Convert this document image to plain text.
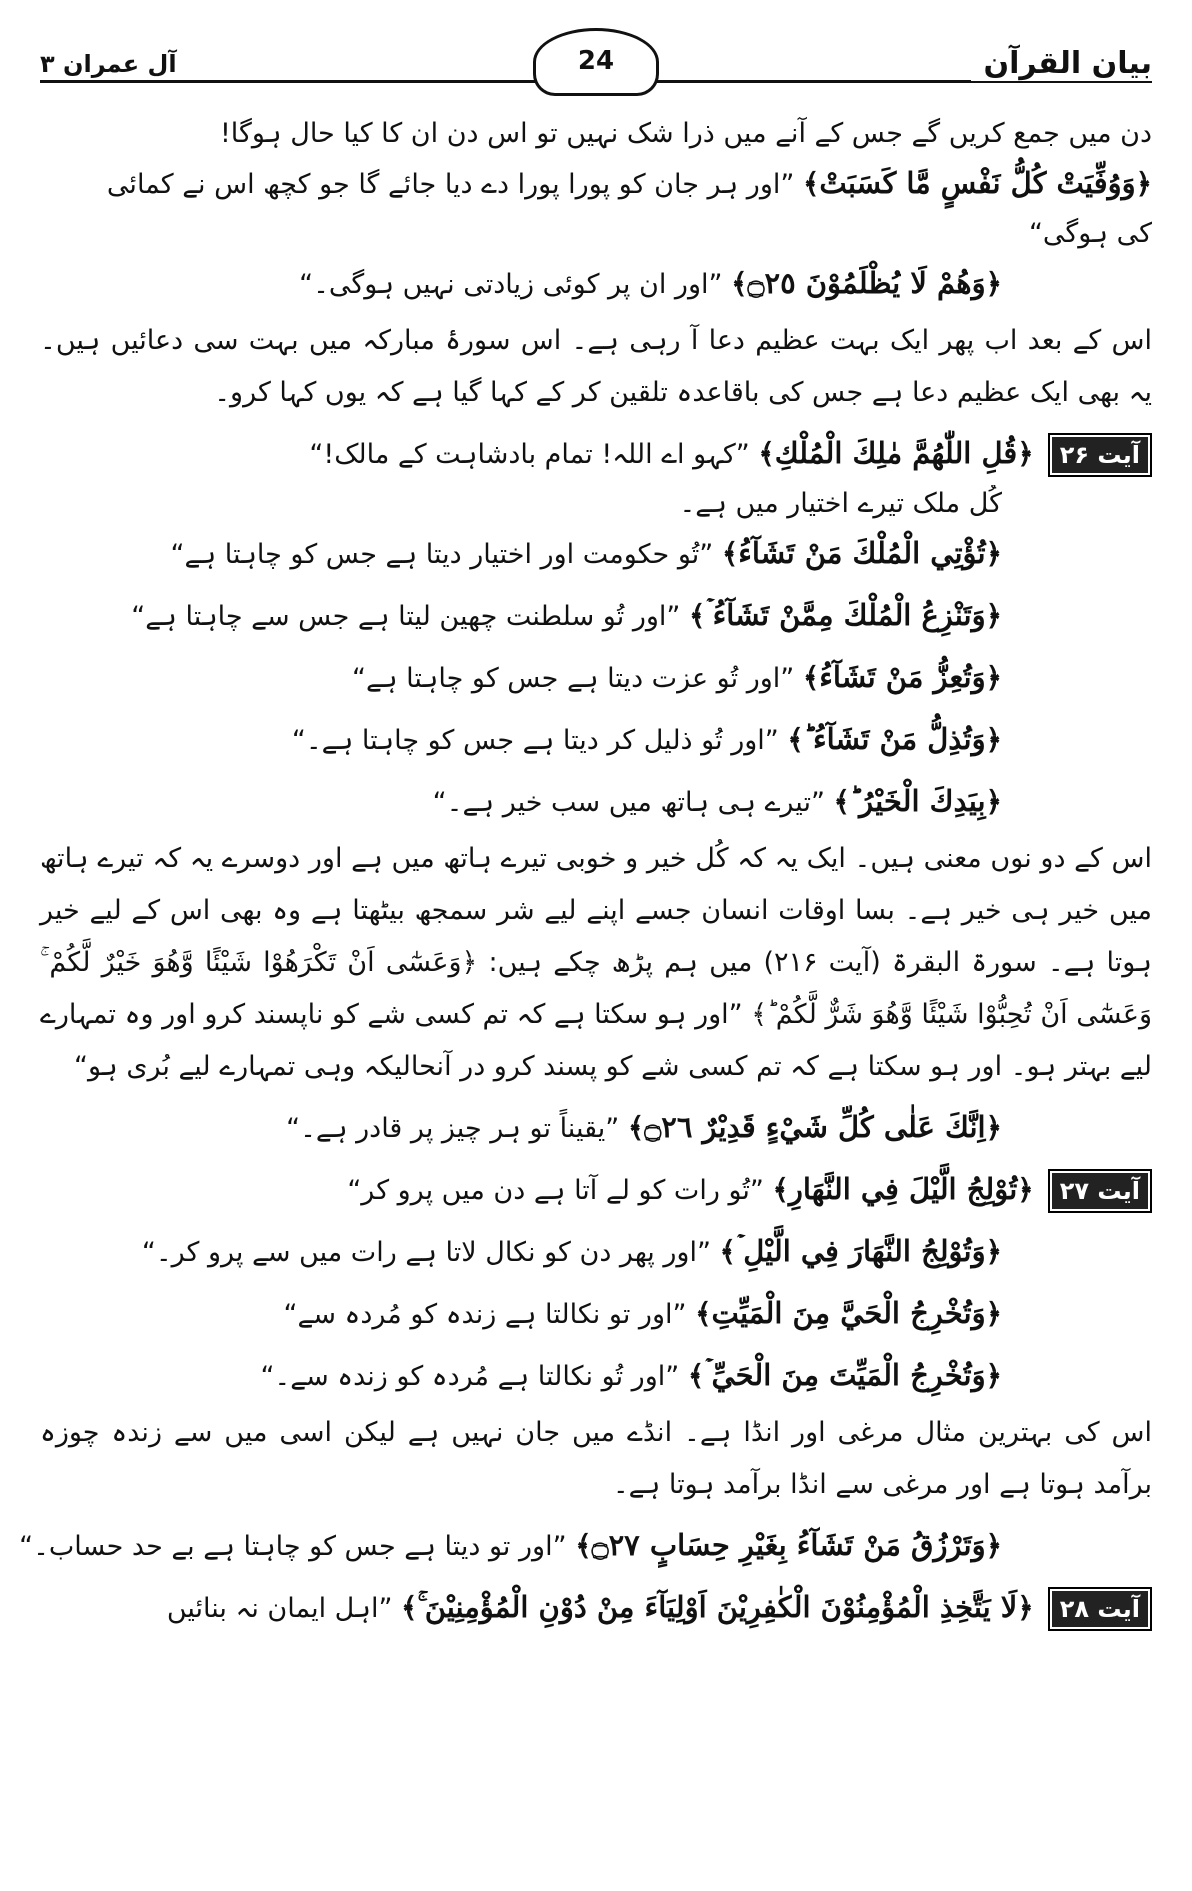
بیان القرآن
24
آل عمران ۳

دن میں جمع کریں گے جس کے آنے میں ذرا شک نہیں تو اس دن ان کا کیا حال ہوگا!

﴿وَوُفِّيَتْ كُلُّ نَفْسٍ مَّا كَسَبَتْ﴾ ”اور ہر جان کو پورا پورا دے دیا جائے گا جو کچھ اس نے کمائی

کی ہوگی“

﴿وَهُمْ لَا يُظْلَمُوْنَ ۝٢٥﴾ ”اور ان پر کوئی زیادتی نہیں ہوگی۔“

اس کے بعد اب پھر ایک بہت عظیم دعا آ رہی ہے۔ اس سورۂ مبارکہ میں بہت سی دعائیں ہیں۔ یہ بھی ایک عظیم دعا ہے جس کی باقاعدہ تلقین کر کے کہا گیا ہے کہ یوں کہا کرو۔

آیت ۲۶﴿قُلِ اللّٰهُمَّ مٰلِكَ الْمُلْكِ﴾ ”کہو اے اللہ! تمام بادشاہت کے مالک!“

کُل ملک تیرے اختیار میں ہے۔

﴿تُؤْتِي الْمُلْكَ مَنْ تَشَآءُ﴾ ”تُو حکومت اور اختیار دیتا ہے جس کو چاہتا ہے“

﴿وَتَنْزِعُ الْمُلْكَ مِمَّنْ تَشَآءُ ۡ﴾ ”اور تُو سلطنت چھین لیتا ہے جس سے چاہتا ہے“

﴿وَتُعِزُّ مَنْ تَشَآءُ﴾ ”اور تُو عزت دیتا ہے جس کو چاہتا ہے“

﴿وَتُذِلُّ مَنْ تَشَآءُ ؕ﴾ ”اور تُو ذلیل کر دیتا ہے جس کو چاہتا ہے۔“

﴿بِيَدِكَ الْخَيْرُ ؕ﴾ ”تیرے ہی ہاتھ میں سب خیر ہے۔“

اس کے دو نوں معنی ہیں۔ ایک یہ کہ کُل خیر و خوبی تیرے ہاتھ میں ہے اور دوسرے یہ کہ تیرے ہاتھ میں خیر ہی خیر ہے۔ بسا اوقات انسان جسے اپنے لیے شر سمجھ بیٹھتا ہے وہ بھی اس کے لیے خیر ہوتا ہے۔ سورۃ البقرۃ (آیت ۲۱۶) میں ہم پڑھ چکے ہیں: ﴿وَعَسٰٓى اَنْ تَكْرَهُوْا شَيْئًا وَّهُوَ خَيْرٌ لَّكُمْ ۚ وَعَسٰٓى اَنْ تُحِبُّوْا شَيْئًا وَّهُوَ شَرٌّ لَّكُمْ ؕ﴾ ”اور ہو سکتا ہے کہ تم کسی شے کو ناپسند کرو اور وہ تمہارے لیے بہتر ہو۔ اور ہو سکتا ہے کہ تم کسی شے کو پسند کرو در آنحالیکہ وہی تمہارے لیے بُری ہو“

﴿اِنَّكَ عَلٰى كُلِّ شَيْءٍ قَدِيْرٌ ۝٢٦﴾ ”یقیناً تو ہر چیز پر قادر ہے۔“

آیت ۲۷﴿تُوْلِجُ الَّيْلَ فِي النَّهَارِ﴾ ”تُو رات کو لے آتا ہے دن میں پرو کر“

﴿وَتُوْلِجُ النَّهَارَ فِي الَّيْلِ ۡ﴾ ”اور پھر دن کو نکال لاتا ہے رات میں سے پرو کر۔“

﴿وَتُخْرِجُ الْحَيَّ مِنَ الْمَيِّتِ﴾ ”اور تو نکالتا ہے زندہ کو مُردہ سے“

﴿وَتُخْرِجُ الْمَيِّتَ مِنَ الْحَيِّ ۡ﴾ ”اور تُو نکالتا ہے مُردہ کو زندہ سے۔“

اس کی بہترین مثال مرغی اور انڈا ہے۔ انڈے میں جان نہیں ہے لیکن اسی میں سے زندہ چوزہ برآمد ہوتا ہے اور مرغی سے انڈا برآمد ہوتا ہے۔

﴿وَتَرْزُقُ مَنْ تَشَآءُ بِغَيْرِ حِسَابٍ ۝٢٧﴾ ”اور تو دیتا ہے جس کو چاہتا ہے بے حد حساب۔“

آیت ۲۸﴿لَا يَتَّخِذِ الْمُؤْمِنُوْنَ الْكٰفِرِيْنَ اَوْلِيَآءَ مِنْ دُوْنِ الْمُؤْمِنِيْنَ ۚ﴾ ”اہل ایمان نہ بنائیں
